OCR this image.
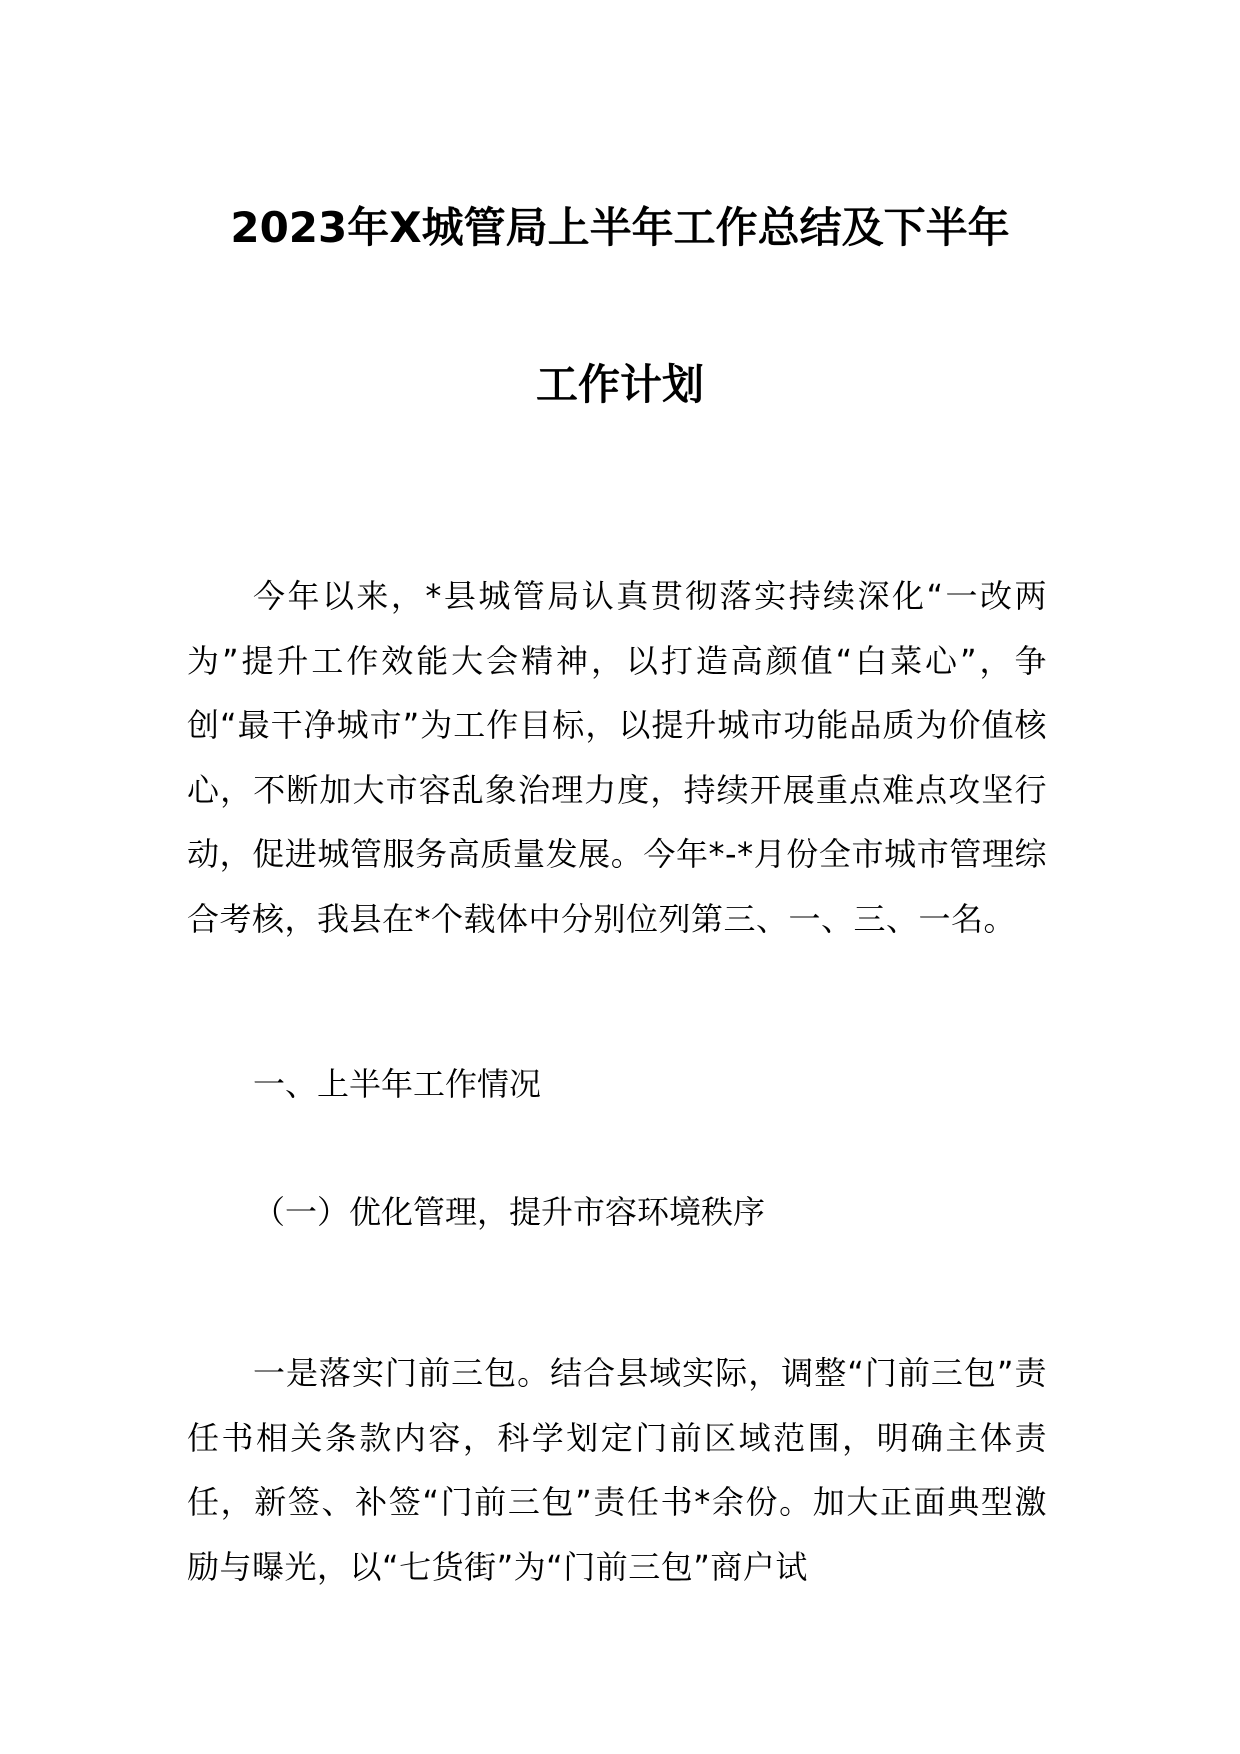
2023年X城管局上半年工作总结及下半年
工作计划

今年以来，*县城管局认真贯彻落实持续深化“一改两为”提升工作效能大会精神，以打造高颜值“白菜心”，争创“最干净城市”为工作目标，以提升城市功能品质为价值核心，不断加大市容乱象治理力度，持续开展重点难点攻坚行动，促进城管服务高质量发展。今年*-*月份全市城市管理综合考核，我县在*个载体中分别位列第三、一、三、一名。

一、上半年工作情况
（一）优化管理，提升市容环境秩序

一是落实门前三包。结合县域实际，调整“门前三包”责任书相关条款内容，科学划定门前区域范围，明确主体责任，新签、补签“门前三包”责任书*余份。加大正面典型激励与曝光，以“七货街”为“门前三包”商户试
